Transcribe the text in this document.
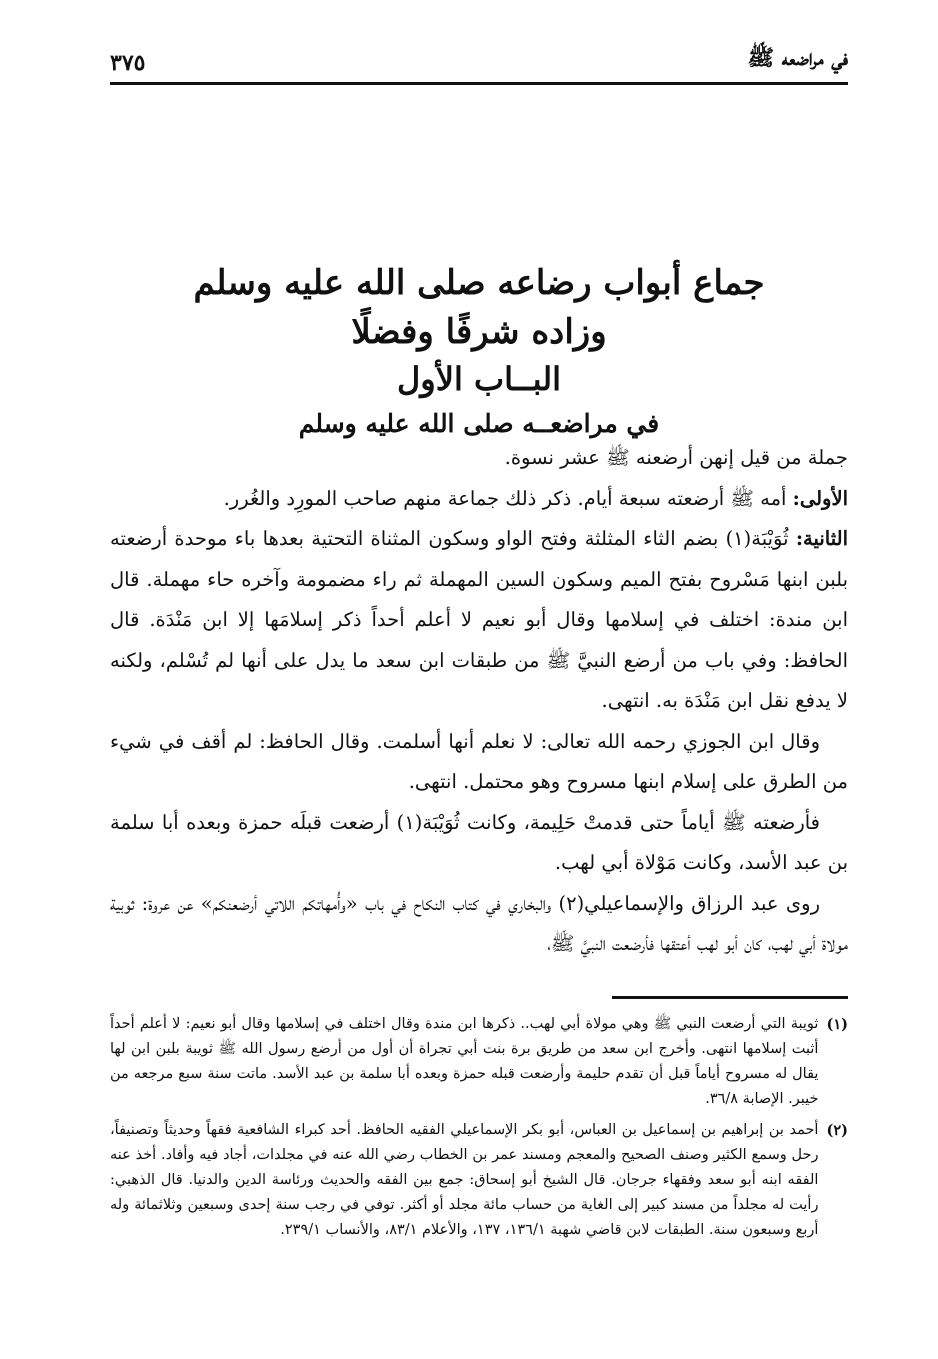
في مراضعه ﷺ
٣٧٥

جماع أبواب رضاعه صلى الله عليه وسلم

وزاده شرفًا وفضلًا

البــاب الأول

في مراضعــه صلى الله عليه وسلم

جملة من قيل إنهن أرضعنه ﷺ عشر نسوة.

الأولى: أمه ﷺ أرضعته سبعة أيام. ذكر ذلك جماعة منهم صاحب المورِد والغُرر.

الثانية: ثُوَيْبَة(١) بضم الثاء المثلثة وفتح الواو وسكون المثناة التحتية بعدها باء موحدة أرضعته بلبن ابنها مَسْروح بفتح الميم وسكون السين المهملة ثم راء مضمومة وآخره حاء مهملة. قال ابن مندة: اختلف في إسلامها وقال أبو نعيم لا أعلم أحداً ذكر إسلامَها إلا ابن مَنْدَة. قال الحافظ: وفي باب من أرضع النبيَّ ﷺ من طبقات ابن سعد ما يدل على أنها لم تُسْلم، ولكنه لا يدفع نقل ابن مَنْدَة به. انتهى.

وقال ابن الجوزي رحمه الله تعالى: لا نعلم أنها أسلمت. وقال الحافظ: لم أقف في شيء من الطرق على إسلام ابنها مسروح وهو محتمل. انتهى.

فأرضعته ﷺ أياماً حتى قدمتْ حَلِيمة، وكانت ثُوَيْبَة(١) أرضعت قبلَه حمزة وبعده أبا سلمة بن عبد الأسد، وكانت مَوْلاة أبي لهب.

روى عبد الرزاق والإسماعيلي(٢) والبخاري في كتاب النكاح في باب «وأُمهاتكم اللاتي أرضعنكم» عن عروة: ثوبية مولاة أبي لهب، كان أبو لهب أعتقها فأرضعت النبيَّ ﷺ،

(١)
ثويبة التي أرضعت النبي ﷺ وهي مولاة أبي لهب.. ذكرها ابن مندة وقال اختلف في إسلامها وقال أبو نعيم: لا أعلم أحداً أثبت إسلامها انتهى. وأخرج ابن سعد من طريق برة بنت أبي تجراة أن أول من أرضع رسول الله ﷺ ثويبة بلبن ابن لها يقال له مسروح أياماً قبل أن تقدم حليمة وأرضعت قبله حمزة وبعده أبا سلمة بن عبد الأسد. ماتت سنة سبع مرجعه من خيبر. الإصابة ٣٦/٨.
(٢)
أحمد بن إبراهيم بن إسماعيل بن العباس، أبو بكر الإسماعيلي الفقيه الحافظ. أحد كبراء الشافعية فقهاً وحديثاً وتصنيفاً، رحل وسمع الكثير وصنف الصحيح والمعجم ومسند عمر بن الخطاب رضي الله عنه في مجلدات، أجاد فيه وأفاد. أخذ عنه الفقه ابنه أبو سعد وفقهاء جرجان. قال الشيخ أبو إسحاق: جمع بين الفقه والحديث ورئاسة الدين والدنيا. قال الذهبي: رأيت له مجلداً من مسند كبير إلى الغاية من حساب مائة مجلد أو أكثر. توفي في رجب سنة إحدى وسبعين وثلاثمائة وله أربع وسبعون سنة. الطبقات لابن قاضي شهبة ١٣٦/١، ١٣٧، والأعلام ٨٣/١، والأنساب ٢٣٩/١.
